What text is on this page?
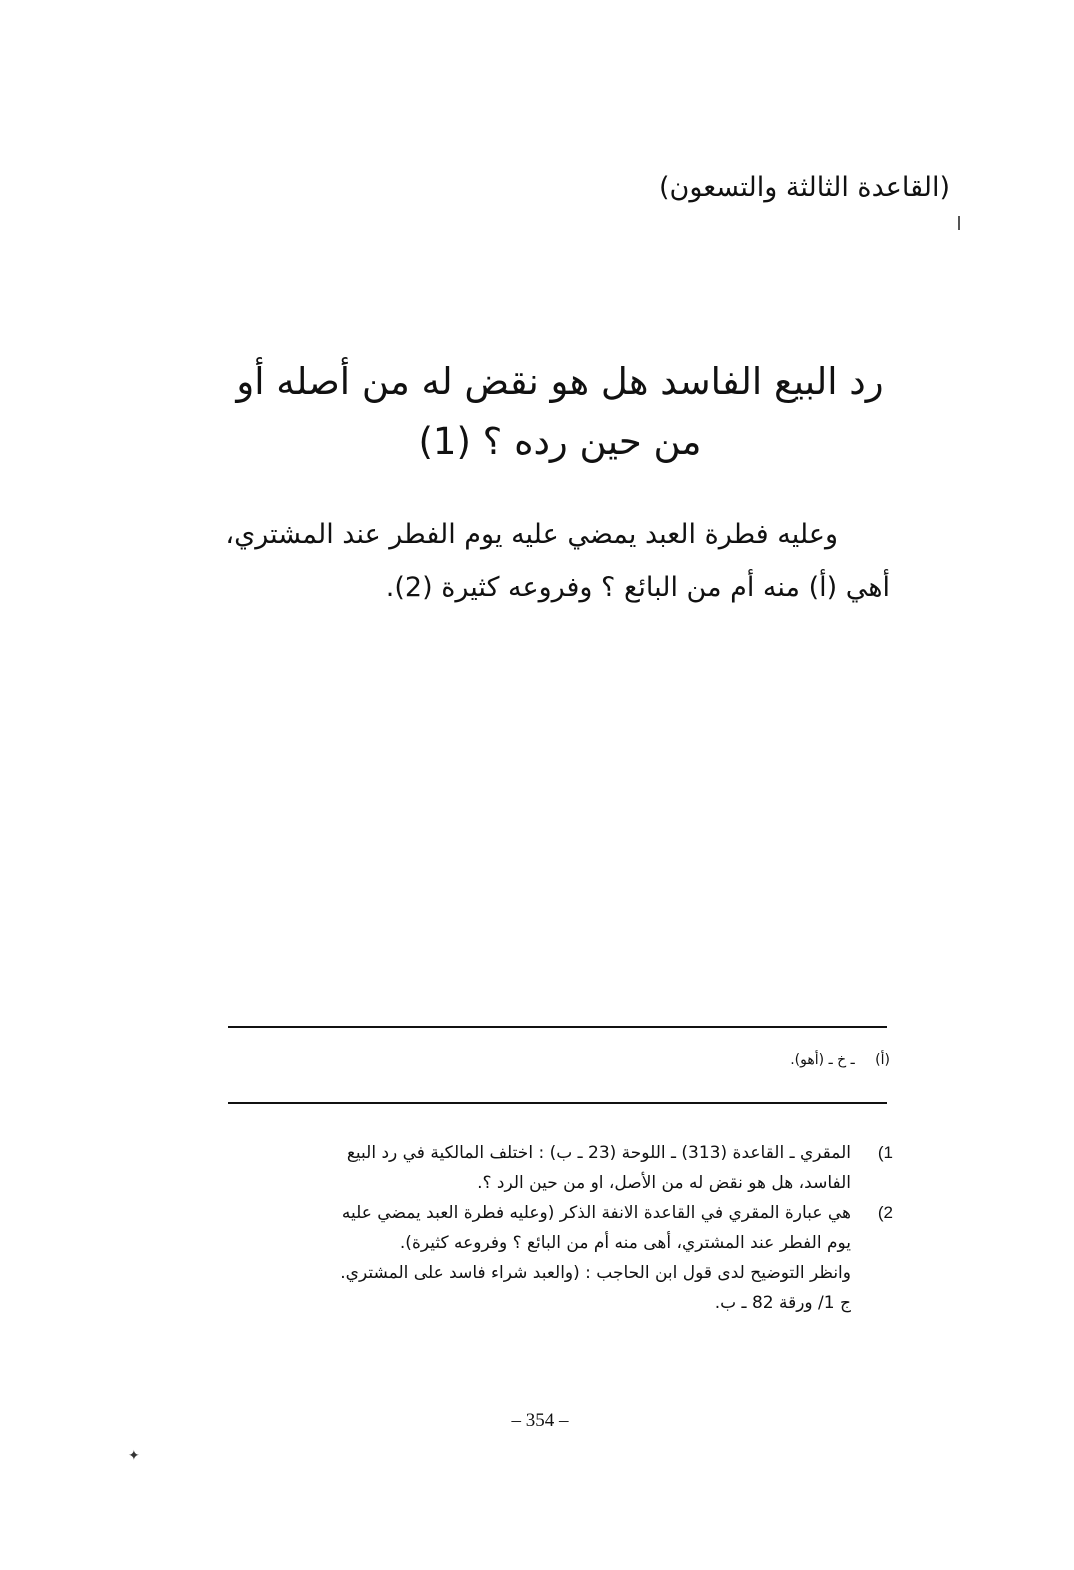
(القاعدة الثالثة والتسعون)
رد البيع الفاسد هل هو نقض له من أصله أو
من حين رده ؟ (1)
وعليه فطرة العبد يمضي عليه يوم الفطر عند المشتري،
أهي (أ) منه أم من البائع ؟ وفروعه كثيرة (2).
(أ) ـ خ ـ (أهو).
1)
المقري ـ القاعدة (313) ـ اللوحة (23 ـ ب) : اختلف المالكية في رد البيع
الفاسد، هل هو نقض له من الأصل، او من حين الرد ؟.
2)
هي عبارة المقري في القاعدة الانفة الذكر (وعليه فطرة العبد يمضي عليه
يوم الفطر عند المشتري، أهى منه أم من البائع ؟ وفروعه كثيرة).
وانظر التوضيح لدى قول ابن الحاجب : (والعبد شراء فاسد على المشتري.
ج 1/ ورقة 82 ـ ب.
– 354 –
✦
